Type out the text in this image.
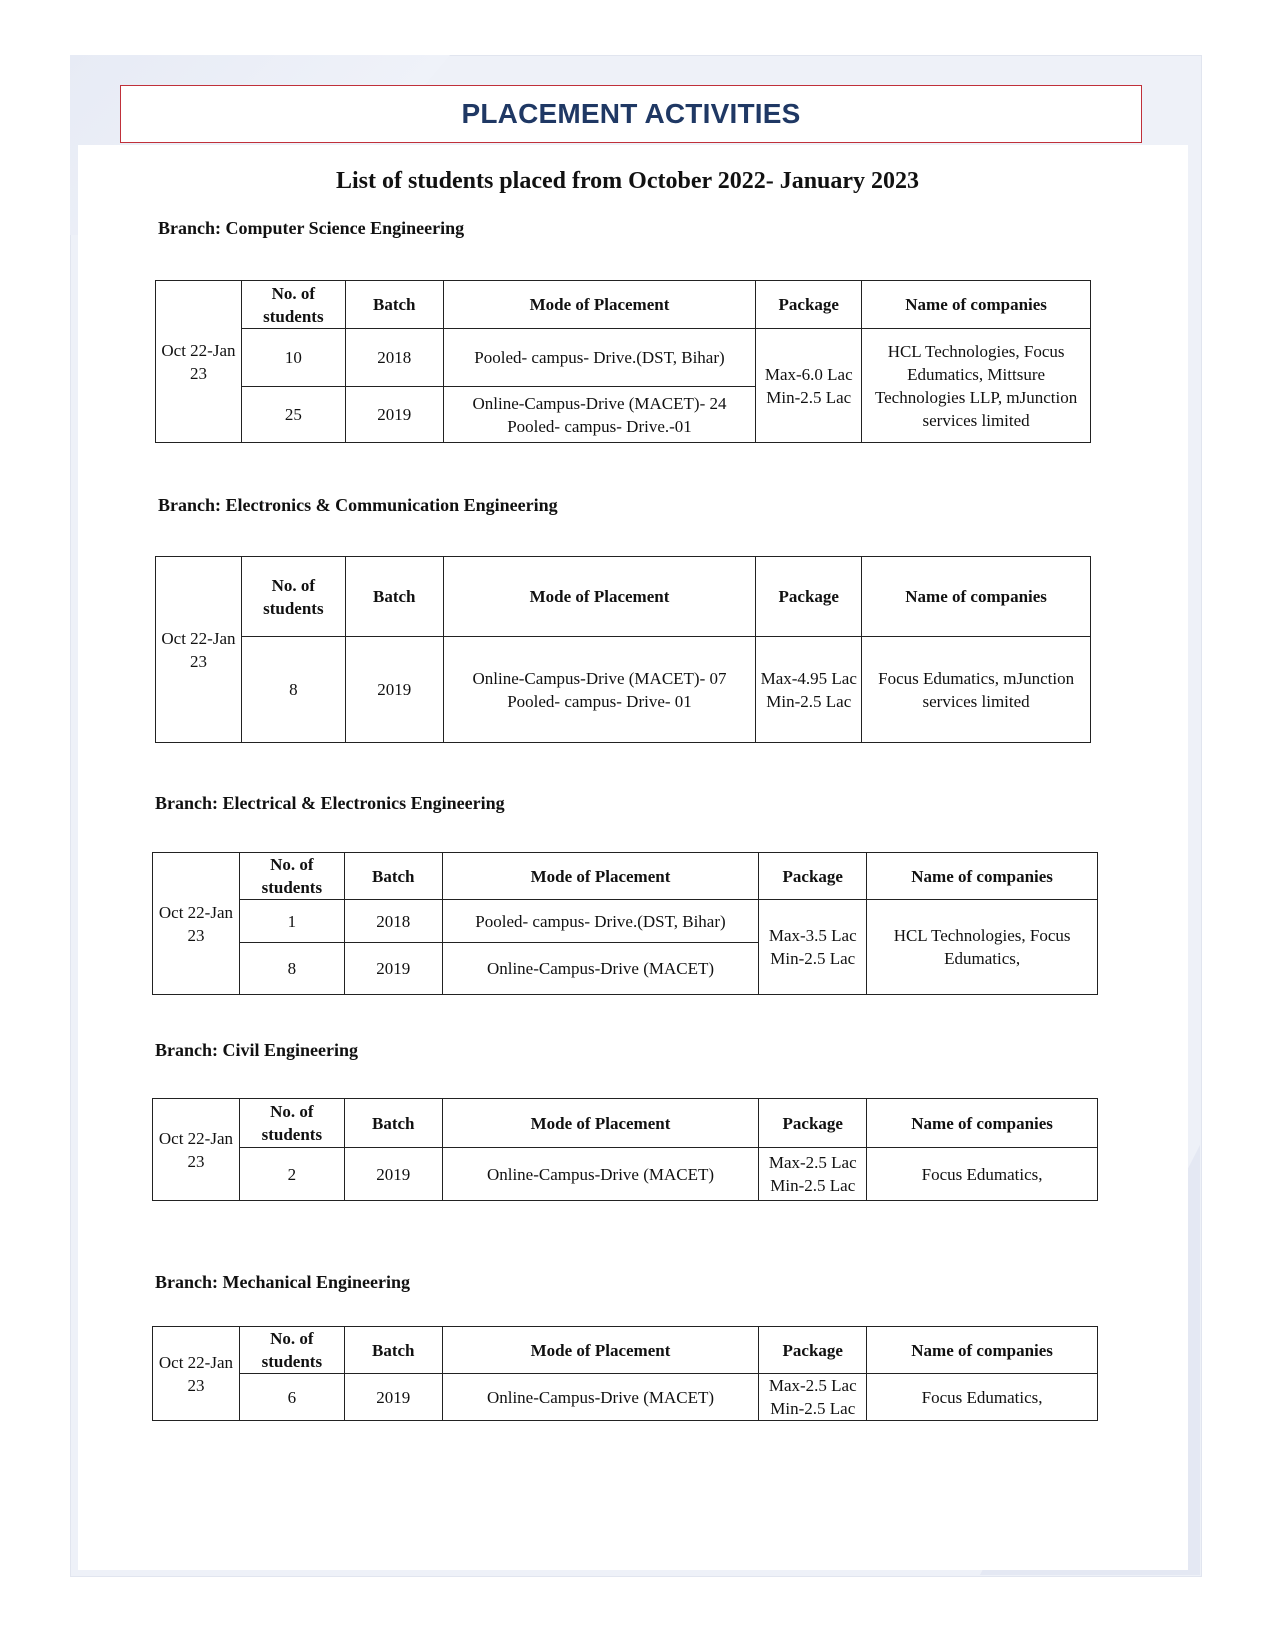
PLACEMENT ACTIVITIES
List of students placed from October 2022- January 2023
Branch: Computer Science Engineering
Oct 22-Jan 23	No. of students	Batch	Mode of Placement	Package	Name of companies
	10	2018	Pooled- campus- Drive.(DST, Bihar)	Max-6.0 Lac Min-2.5 Lac	HCL Technologies, Focus Edumatics, Mittsure Technologies LLP, mJunction services limited
	25	2019	Online-Campus-Drive (MACET)- 24 Pooled- campus- Drive.-01		
Branch: Electronics & Communication Engineering
Oct 22-Jan 23	No. of students	Batch	Mode of Placement	Package	Name of companies
	8	2019	Online-Campus-Drive (MACET)- 07 Pooled- campus- Drive- 01	Max-4.95 Lac Min-2.5 Lac	Focus Edumatics, mJunction services limited
Branch: Electrical & Electronics Engineering
Oct 22-Jan 23	No. of students	Batch	Mode of Placement	Package	Name of companies
	1	2018	Pooled- campus- Drive.(DST, Bihar)	Max-3.5 Lac Min-2.5 Lac	HCL Technologies, Focus Edumatics,
	8	2019	Online-Campus-Drive (MACET)		
Branch: Civil Engineering
Oct 22-Jan 23	No. of students	Batch	Mode of Placement	Package	Name of companies
	2	2019	Online-Campus-Drive (MACET)	Max-2.5 Lac Min-2.5 Lac	Focus Edumatics,
Branch: Mechanical Engineering
Oct 22-Jan 23	No. of students	Batch	Mode of Placement	Package	Name of companies
	6	2019	Online-Campus-Drive (MACET)	Max-2.5 Lac Min-2.5 Lac	Focus Edumatics,
